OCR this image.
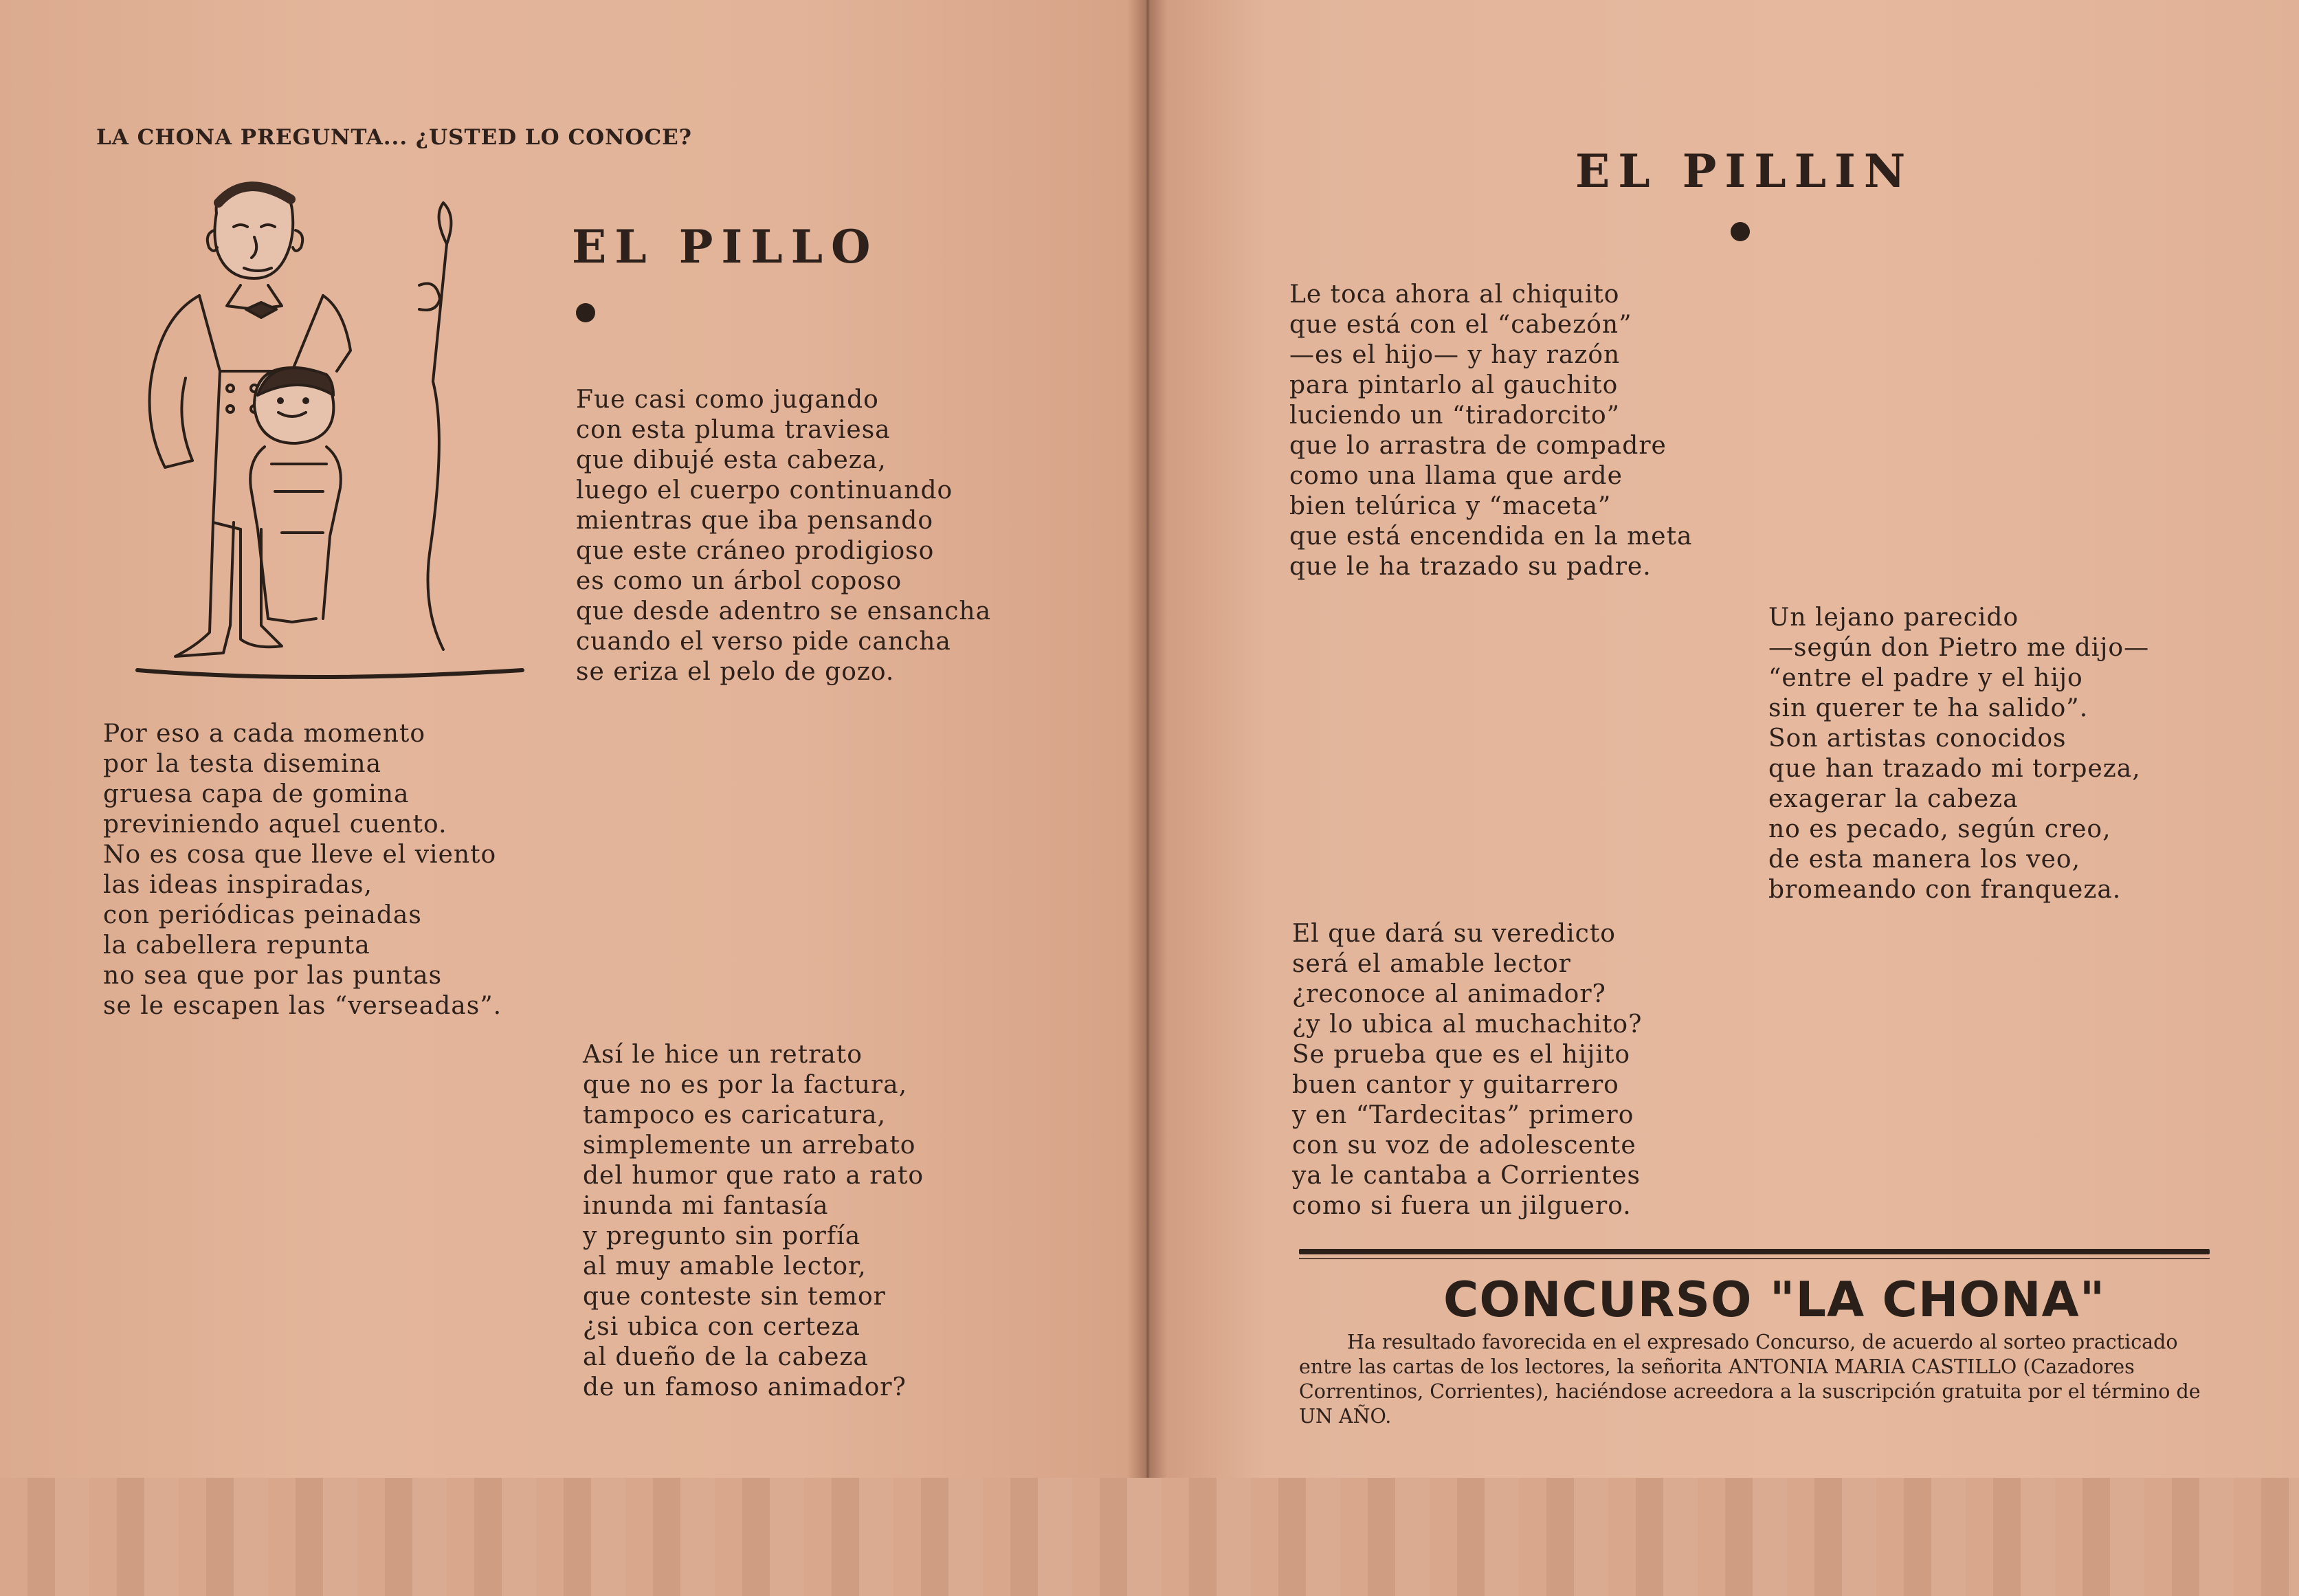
LA CHONA PREGUNTA... ¿USTED LO CONOCE?
EL PILLO
Fue casi como jugando
con esta pluma traviesa
que dibujé esta cabeza,
luego el cuerpo continuando
mientras que iba pensando
que este cráneo prodigioso
es como un árbol coposo
que desde adentro se ensancha
cuando el verso pide cancha
se eriza el pelo de gozo.
Por eso a cada momento
por la testa disemina
gruesa capa de gomina
previniendo aquel cuento.
No es cosa que lleve el viento
las ideas inspiradas,
con periódicas peinadas
la cabellera repunta
no sea que por las puntas
se le escapen las “verseadas”.
Así le hice un retrato
que no es por la factura,
tampoco es caricatura,
simplemente un arrebato
del humor que rato a rato
inunda mi fantasía
y pregunto sin porfía
al muy amable lector,
que conteste sin temor
¿si ubica con certeza
al dueño de la cabeza
de un famoso animador?
EL PILLIN
Le toca ahora al chiquito
que está con el “cabezón”
—es el hijo— y hay razón
para pintarlo al gauchito
luciendo un “tiradorcito”
que lo arrastra de compadre
como una llama que arde
bien telúrica y “maceta”
que está encendida en la meta
que le ha trazado su padre.
Un lejano parecido
—según don Pietro me dijo—
“entre el padre y el hijo
sin querer te ha salido”.
Son artistas conocidos
que han trazado mi torpeza,
exagerar la cabeza
no es pecado, según creo,
de esta manera los veo,
bromeando con franqueza.
El que dará su veredicto
será el amable lector
¿reconoce al animador?
¿y lo ubica al muchachito?
Se prueba que es el hijito
buen cantor y guitarrero
y en “Tardecitas” primero
con su voz de adolescente
ya le cantaba a Corrientes
como si fuera un jilguero.
CONCURSO "LA CHONA"

Ha resultado favorecida en el expresado Concurso, de acuerdo al sorteo practicado entre las cartas de los lectores, la señorita ANTONIA MARIA CASTILLO (Cazadores Correntinos, Corrientes), haciéndose acreedora a la suscripción gratuita por el término de UN AÑO.
